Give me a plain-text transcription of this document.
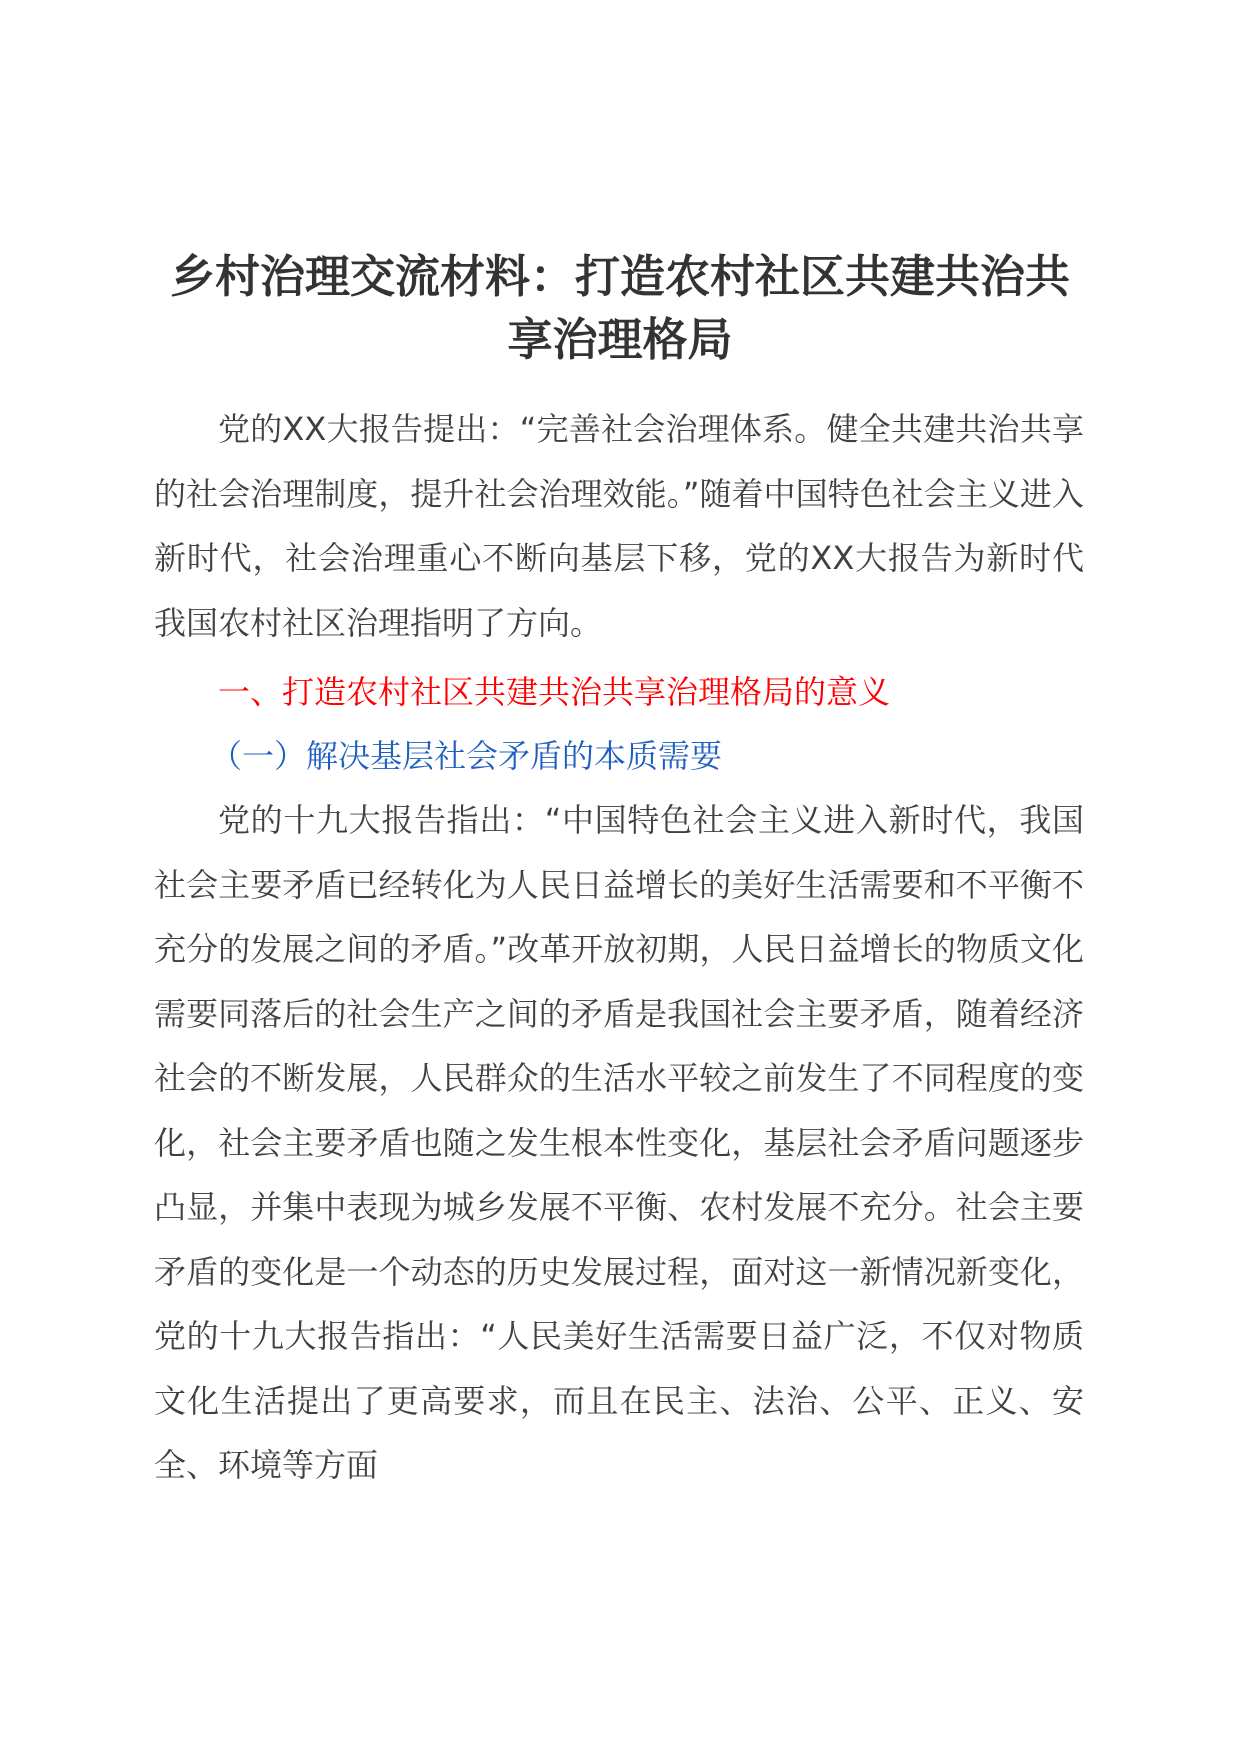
乡村治理交流材料：打造农村社区共建共治共享治理格局

党的XX大报告提出：“完善社会治理体系。健全共建共治共享的社会治理制度，提升社会治理效能。”随着中国特色社会主义进入新时代，社会治理重心不断向基层下移，党的XX大报告为新时代我国农村社区治理指明了方向。

一、打造农村社区共建共治共享治理格局的意义
（一）解决基层社会矛盾的本质需要

党的十九大报告指出：“中国特色社会主义进入新时代，我国社会主要矛盾已经转化为人民日益增长的美好生活需要和不平衡不充分的发展之间的矛盾。”改革开放初期，人民日益增长的物质文化需要同落后的社会生产之间的矛盾是我国社会主要矛盾，随着经济社会的不断发展，人民群众的生活水平较之前发生了不同程度的变化，社会主要矛盾也随之发生根本性变化，基层社会矛盾问题逐步凸显，并集中表现为城乡发展不平衡、农村发展不充分。社会主要矛盾的变化是一个动态的历史发展过程，面对这一新情况新变化，党的十九大报告指出：“人民美好生活需要日益广泛，不仅对物质文化生活提出了更高要求，而且在民主、法治、公平、正义、安全、环境等方面
